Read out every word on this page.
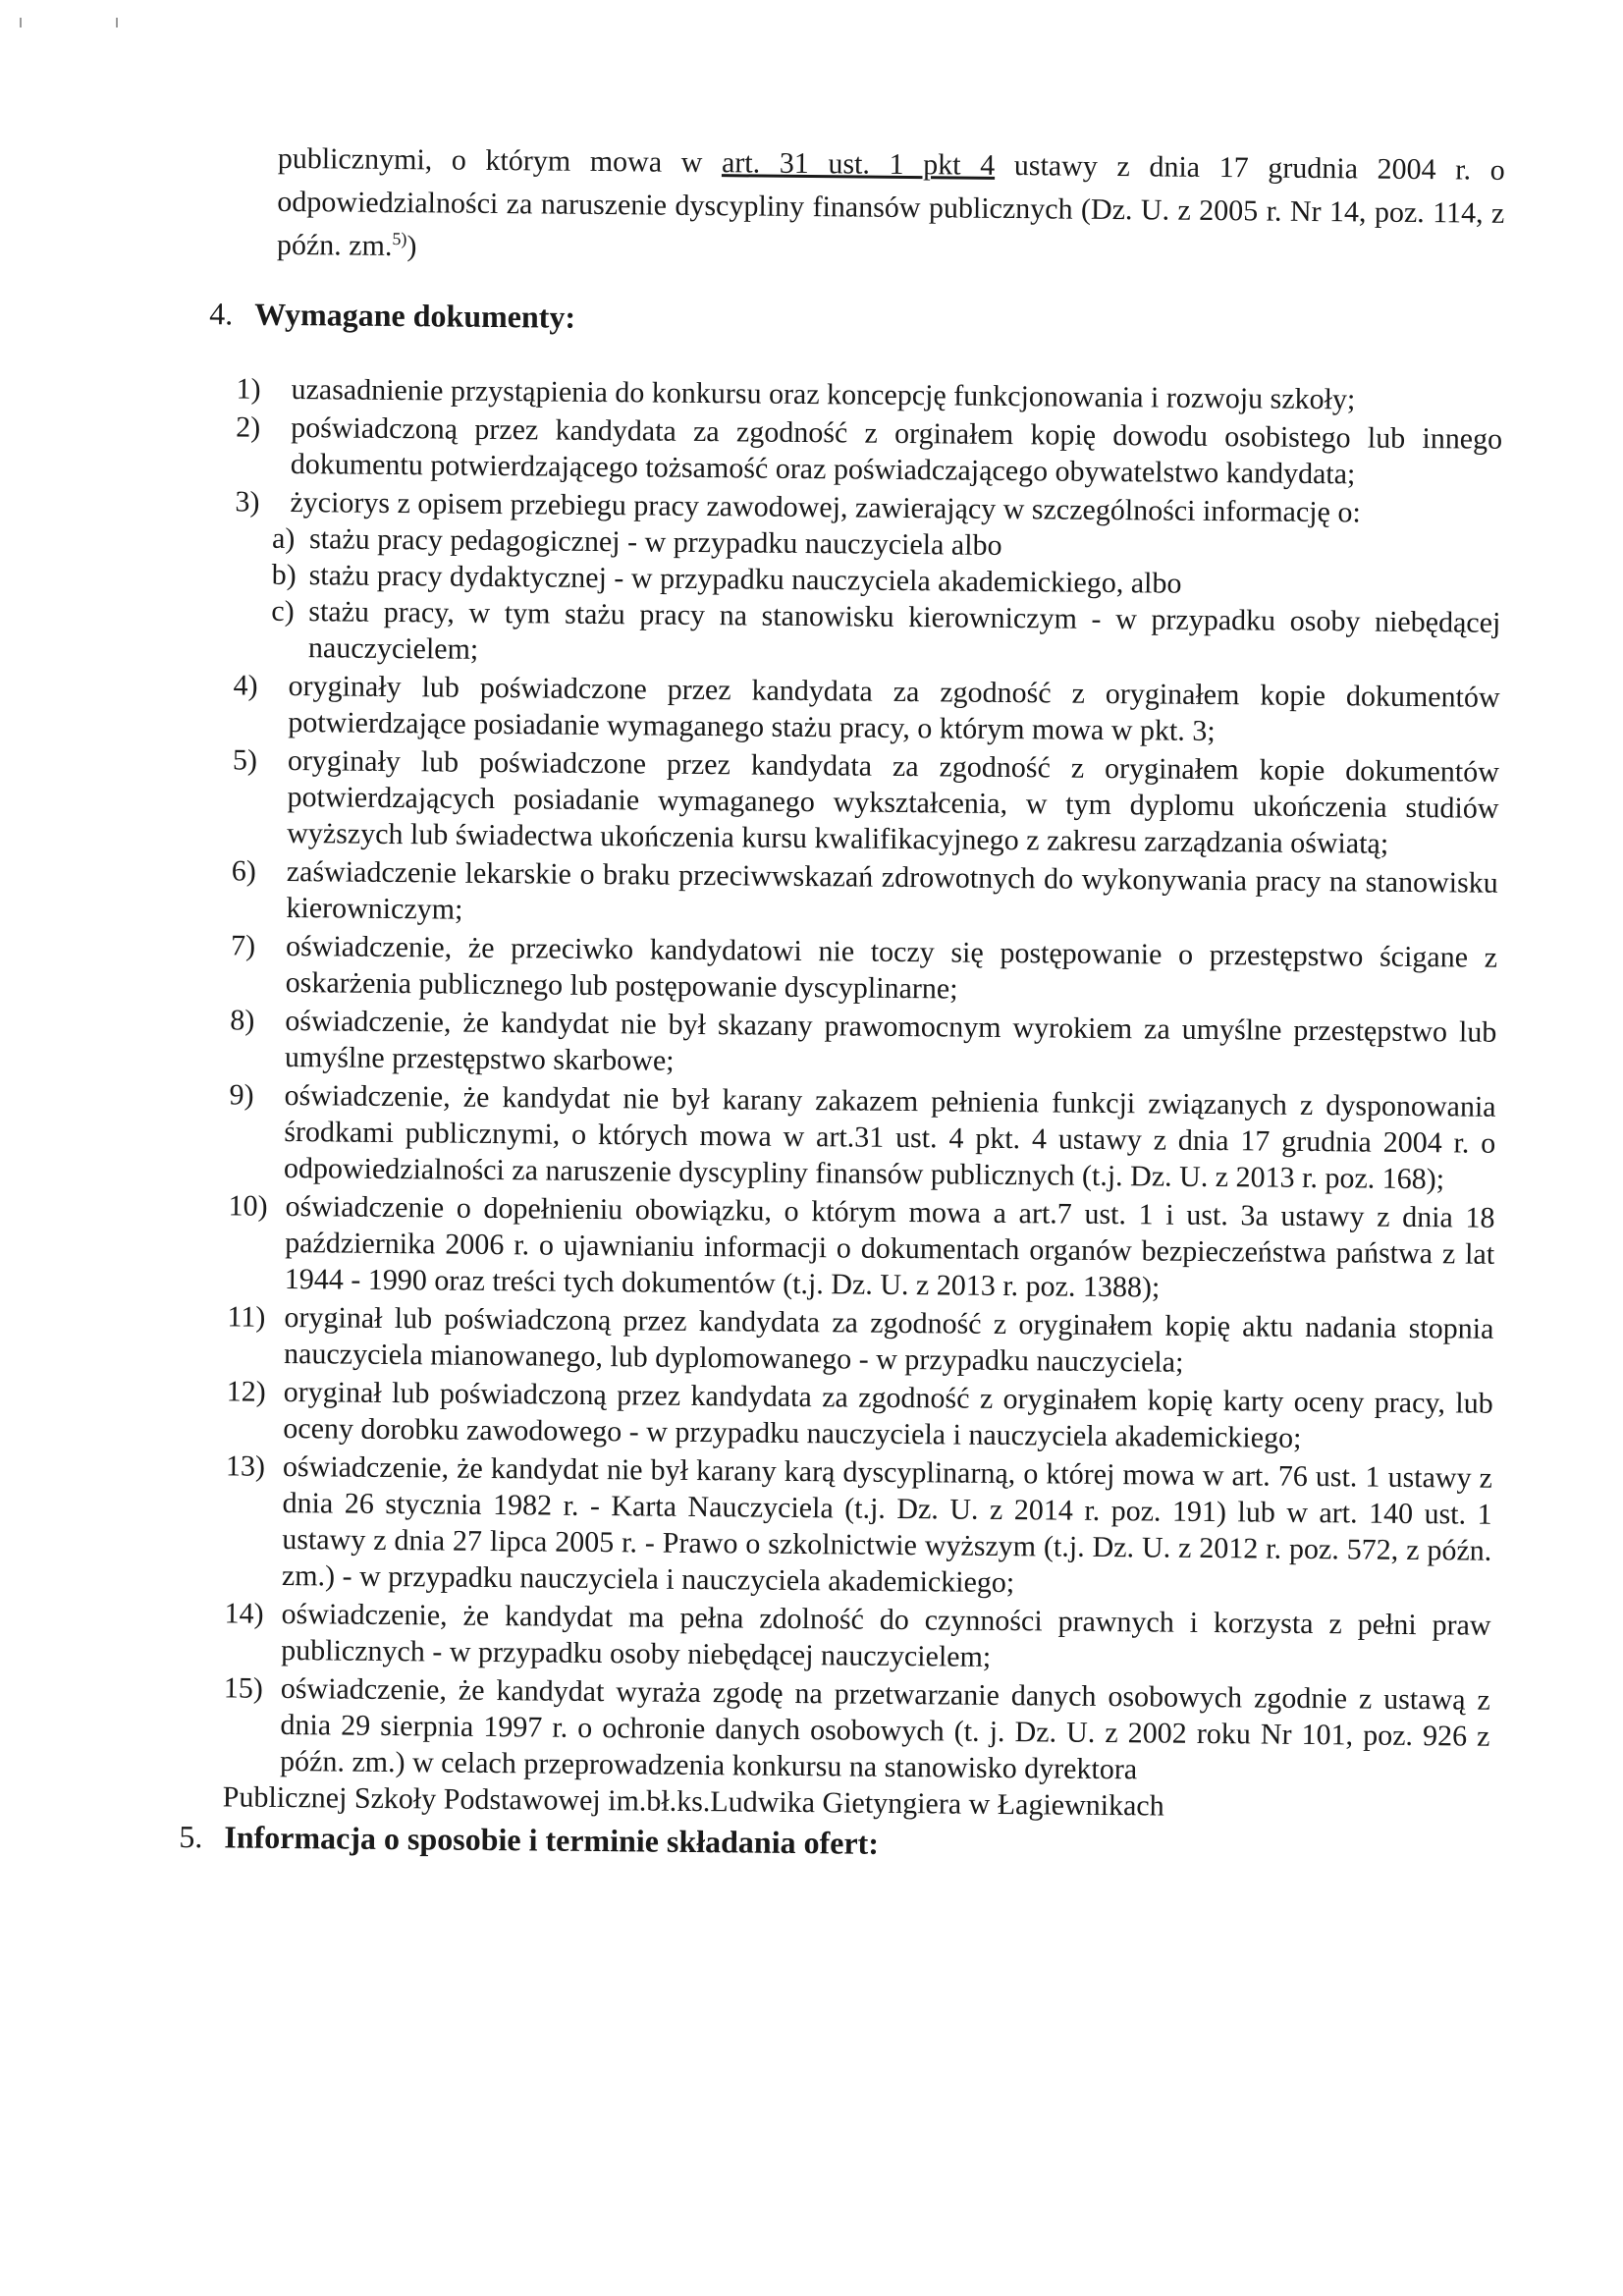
publicznymi, o którym mowa w art. 31 ust. 1 pkt 4 ustawy z dnia 17 grudnia 2004 r. o odpowiedzialności za naruszenie dyscypliny finansów publicznych (Dz. U. z 2005 r. Nr 14, poz. 114, z późn. zm.$^{5)}$)

4. Wymagane dokumenty:
1) uzasadnienie przystąpienia do konkursu oraz koncepcję funkcjonowania i rozwoju szkoły;
2) poświadczoną przez kandydata za zgodność z orginałem kopię dowodu osobistego lub innego dokumentu potwierdzającego tożsamość oraz poświadczającego obywatelstwo kandydata;
3) życiorys z opisem przebiegu pracy zawodowej, zawierający w szczególności informację o:
a) stażu pracy pedagogicznej - w przypadku nauczyciela albo
b) stażu pracy dydaktycznej - w przypadku nauczyciela akademickiego, albo
c) stażu pracy, w tym stażu pracy na stanowisku kierowniczym - w przypadku osoby niebędącej nauczycielem;
4) oryginały lub poświadczone przez kandydata za zgodność z oryginałem kopie dokumentów potwierdzające posiadanie wymaganego stażu pracy, o którym mowa w pkt. 3;
5) oryginały lub poświadczone przez kandydata za zgodność z oryginałem kopie dokumentów potwierdzających posiadanie wymaganego wykształcenia, w tym dyplomu ukończenia studiów wyższych lub świadectwa ukończenia kursu kwalifikacyjnego z zakresu zarządzania oświatą;
6) zaświadczenie lekarskie o braku przeciwwskazań zdrowotnych do wykonywania pracy na stanowisku kierowniczym;
7) oświadczenie, że przeciwko kandydatowi nie toczy się postępowanie o przestępstwo ścigane z oskarżenia publicznego lub postępowanie dyscyplinarne;
8) oświadczenie, że kandydat nie był skazany prawomocnym wyrokiem za umyślne przestępstwo lub umyślne przestępstwo skarbowe;
9) oświadczenie, że kandydat nie był karany zakazem pełnienia funkcji związanych z dysponowania środkami publicznymi, o których mowa w art.31 ust. 4 pkt. 4 ustawy z dnia 17 grudnia 2004 r. o odpowiedzialności za naruszenie dyscypliny finansów publicznych (t.j. Dz. U. z 2013 r. poz. 168);
10) oświadczenie o dopełnieniu obowiązku, o którym mowa a art.7 ust. 1 i ust. 3a ustawy z dnia 18 października 2006 r. o ujawnianiu informacji o dokumentach organów bezpieczeństwa państwa z lat 1944 - 1990 oraz treści tych dokumentów (t.j. Dz. U. z 2013 r. poz. 1388);
11) oryginał lub poświadczoną przez kandydata za zgodność z oryginałem kopię aktu nadania stopnia nauczyciela mianowanego, lub dyplomowanego - w przypadku nauczyciela;
12) oryginał lub poświadczoną przez kandydata za zgodność z oryginałem kopię karty oceny pracy, lub oceny dorobku zawodowego - w przypadku nauczyciela i nauczyciela akademickiego;
13) oświadczenie, że kandydat nie był karany karą dyscyplinarną, o której mowa w art. 76 ust. 1 ustawy z dnia 26 stycznia 1982 r. - Karta Nauczyciela (t.j. Dz. U. z 2014 r. poz. 191) lub w art. 140 ust. 1 ustawy z dnia 27 lipca 2005 r. - Prawo o szkolnictwie wyższym (t.j. Dz. U. z 2012 r. poz. 572, z późn. zm.) - w przypadku nauczyciela i nauczyciela akademickiego;
14) oświadczenie, że kandydat ma pełna zdolność do czynności prawnych i korzysta z pełni praw publicznych - w przypadku osoby niebędącej nauczycielem;
15) oświadczenie, że kandydat wyraża zgodę na przetwarzanie danych osobowych zgodnie z ustawą z dnia 29 sierpnia 1997 r. o ochronie danych osobowych (t. j. Dz. U. z 2002 roku Nr 101, poz. 926 z późn. zm.) w celach przeprowadzenia konkursu na stanowisko dyrektora
Publicznej Szkoły Podstawowej im.bł.ks.Ludwika Gietyngiera w Łagiewnikach
5. Informacja o sposobie i terminie składania ofert:
